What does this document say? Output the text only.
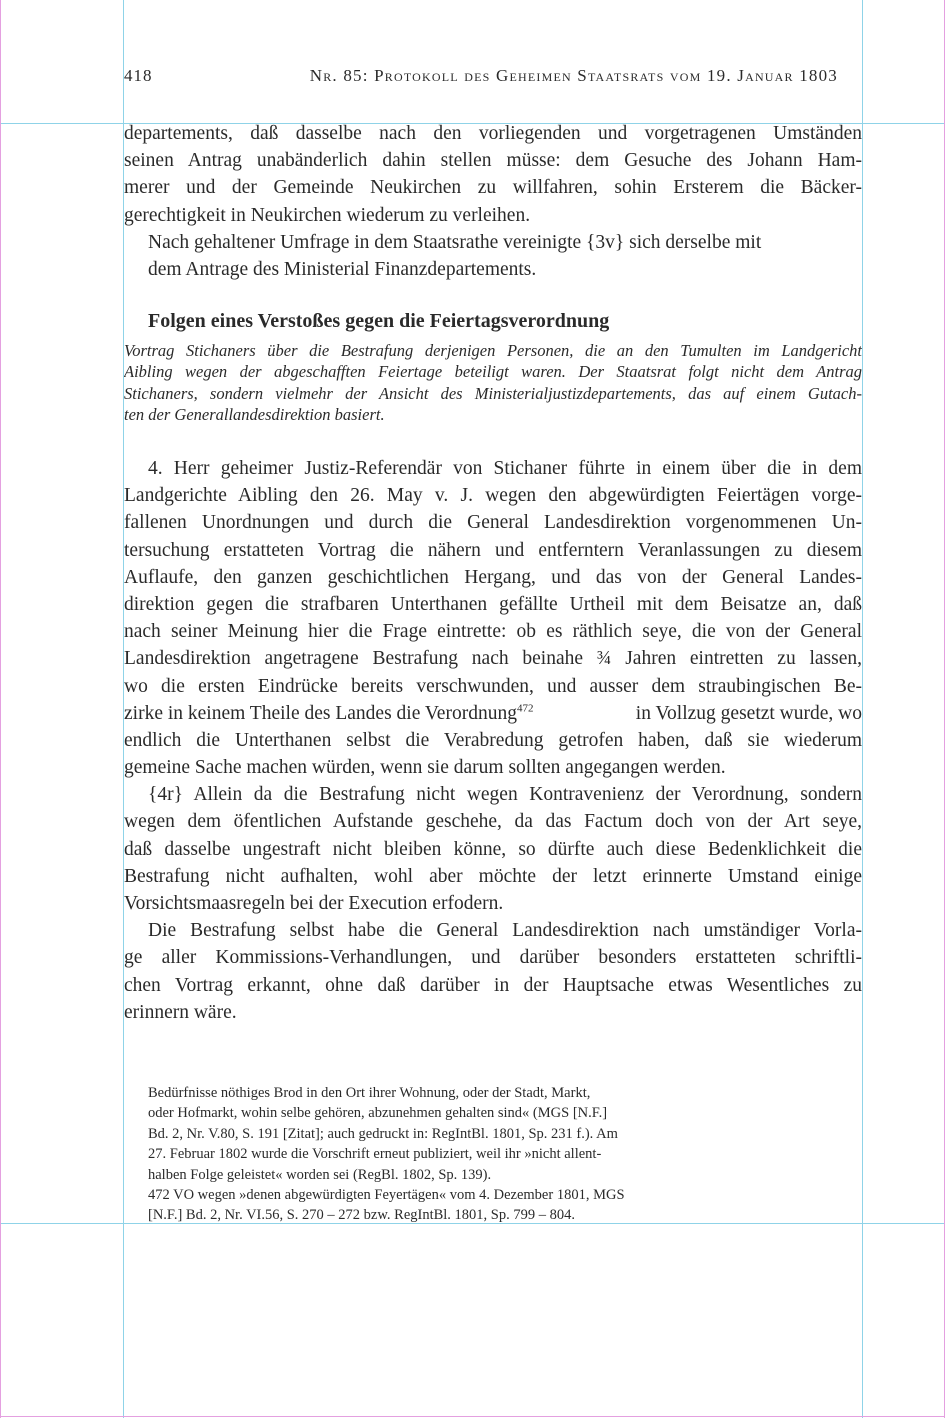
418	Nr. 85: Protokoll des Geheimen Staatsrats vom 19. Januar 1803
departements, daß dasselbe nach den vorliegenden und vorgetragenen Umständen
seinen Antrag unabänderlich dahin stellen müsse: dem Gesuche des Johann Ham-
merer und der Gemeinde Neukirchen zu willfahren, sohin Ersterem die Bäcker-
gerechtigkeit in Neukirchen wiederum zu verleihen.
Nach gehaltener Umfrage in dem Staatsrathe vereinigte {3v} sich derselbe mit
dem Antrage des Ministerial Finanzdepartements.
Folgen eines Verstoßes gegen die Feiertagsverordnung
Vortrag Stichaners über die Bestrafung derjenigen Personen, die an den Tumulten im Landgericht
Aibling wegen der abgeschafften Feiertage beteiligt waren. Der Staatsrat folgt nicht dem Antrag
Stichaners, sondern vielmehr der Ansicht des Ministerialjustizdepartements, das auf einem Gutach-
ten der Generallandesdirektion basiert.
4. Herr geheimer Justiz-Referendär von Stichaner führte in einem über die in dem
Landgerichte Aibling den 26. May v. J. wegen den abgewürdigten Feiertägen vorge-
fallenen Unordnungen und durch die General Landesdirektion vorgenommenen Un-
tersuchung erstatteten Vortrag die nähern und entferntern Veranlassungen zu diesem
Auflaufe, den ganzen geschichtlichen Hergang, und das von der General Landes-
direktion gegen die strafbaren Unterthanen gefällte Urtheil mit dem Beisatze an, daß
nach seiner Meinung hier die Frage eintrette: ob es räthlich seye, die von der General
Landesdirektion angetragene Bestrafung nach beinahe ¾ Jahren eintretten zu lassen,
wo die ersten Eindrücke bereits verschwunden, und ausser dem straubingischen Be-
zirke in keinem Theile des Landes die Verordnung$^{472}$	in Vollzug gesetzt wurde, wo
endlich die Unterthanen selbst die Verabredung getrofen haben, daß sie wiederum
gemeine Sache machen würden, wenn sie darum sollten angegangen werden.
{4r} Allein da die Bestrafung nicht wegen Kontravenienz der Verordnung, sondern
wegen dem öfentlichen Aufstande geschehe, da das Factum doch von der Art seye,
daß dasselbe ungestraft nicht bleiben könne, so dürfte auch diese Bedenklichkeit die
Bestrafung nicht aufhalten, wohl aber möchte der letzt erinnerte Umstand einige
Vorsichtsmaasregeln bei der Execution erfodern.
Die Bestrafung selbst habe die General Landesdirektion nach umständiger Vorla-
ge aller Kommissions-Verhandlungen, und darüber besonders erstatteten schriftli-
chen Vortrag erkannt, ohne daß darüber in der Hauptsache etwas Wesentliches zu
erinnern wäre.
Bedürfnisse nöthiges Brod in den Ort ihrer Wohnung, oder der Stadt, Markt,
oder Hofmarkt, wohin selbe gehören, abzunehmen gehalten sind« (MGS [N.F.]
Bd. 2, Nr. V.80, S. 191 [Zitat]; auch gedruckt in: RegIntBl. 1801, Sp. 231 f.). Am
27. Februar 1802 wurde die Vorschrift erneut publiziert, weil ihr »nicht allent-
halben Folge geleistet« worden sei (RegBl. 1802, Sp. 139).
472 VO wegen »denen abgewürdigten Feyertägen« vom 4. Dezember 1801, MGS
[N.F.] Bd. 2, Nr. VI.56, S. 270 – 272 bzw. RegIntBl. 1801, Sp. 799 – 804.
